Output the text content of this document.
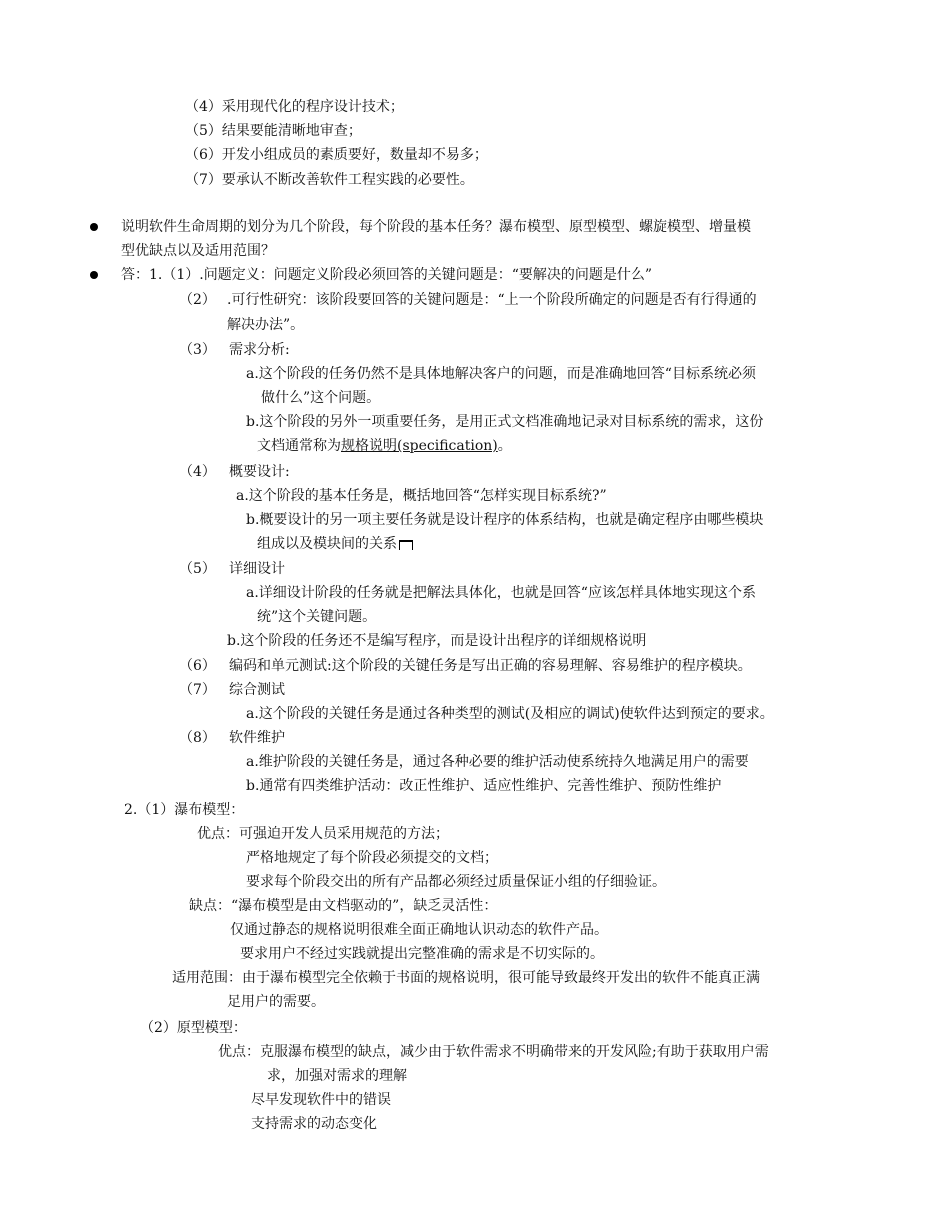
（4）采用现代化的程序设计技术；
（5）结果要能清晰地审查；
（6）开发小组成员的素质要好，数量却不易多；
（7）要承认不断改善软件工程实践的必要性。
说明软件生命周期的划分为几个阶段，每个阶段的基本任务？瀑布模型、原型模型、螺旋模型、增量模
型优缺点以及适用范围？
答：1.（1）.问题定义：问题定义阶段必须回答的关键问题是：“要解决的问题是什么”
（2） .可行性研究：该阶段要回答的关键问题是：“上一个阶段所确定的问题是否有行得通的
解决办法”。
（3） 需求分析:
a.这个阶段的任务仍然不是具体地解决客户的问题，而是准确地回答“目标系统必须
做什么”这个问题。
b.这个阶段的另外一项重要任务，是用正式文档准确地记录对目标系统的需求，这份
文档通常称为规格说明(specification)。
（4） 概要设计:
a.这个阶段的基本任务是，概括地回答“怎样实现目标系统?”
b.概要设计的另一项主要任务就是设计程序的体系结构，也就是确定程序由哪些模块
组成以及模块间的关系
（5） 详细设计
a.详细设计阶段的任务就是把解法具体化，也就是回答“应该怎样具体地实现这个系
统”这个关键问题。
b.这个阶段的任务还不是编写程序，而是设计出程序的详细规格说明
（6） 编码和单元测试:这个阶段的关键任务是写出正确的容易理解、容易维护的程序模块。
（7） 综合测试
a.这个阶段的关键任务是通过各种类型的测试(及相应的调试)使软件达到预定的要求。
（8） 软件维护
a.维护阶段的关键任务是，通过各种必要的维护活动使系统持久地满足用户的需要
b.通常有四类维护活动：改正性维护、适应性维护、完善性维护、预防性维护
2.（1）瀑布模型：
优点：可强迫开发人员采用规范的方法；
严格地规定了每个阶段必须提交的文档；
要求每个阶段交出的所有产品都必须经过质量保证小组的仔细验证。
缺点：“瀑布模型是由文档驱动的”，缺乏灵活性：
仅通过静态的规格说明很难全面正确地认识动态的软件产品。
要求用户不经过实践就提出完整准确的需求是不切实际的。
适用范围：由于瀑布模型完全依赖于书面的规格说明，很可能导致最终开发出的软件不能真正满
足用户的需要。
（2）原型模型：
优点：克服瀑布模型的缺点，减少由于软件需求不明确带来的开发风险;有助于获取用户需
求，加强对需求的理解
尽早发现软件中的错误
支持需求的动态变化
